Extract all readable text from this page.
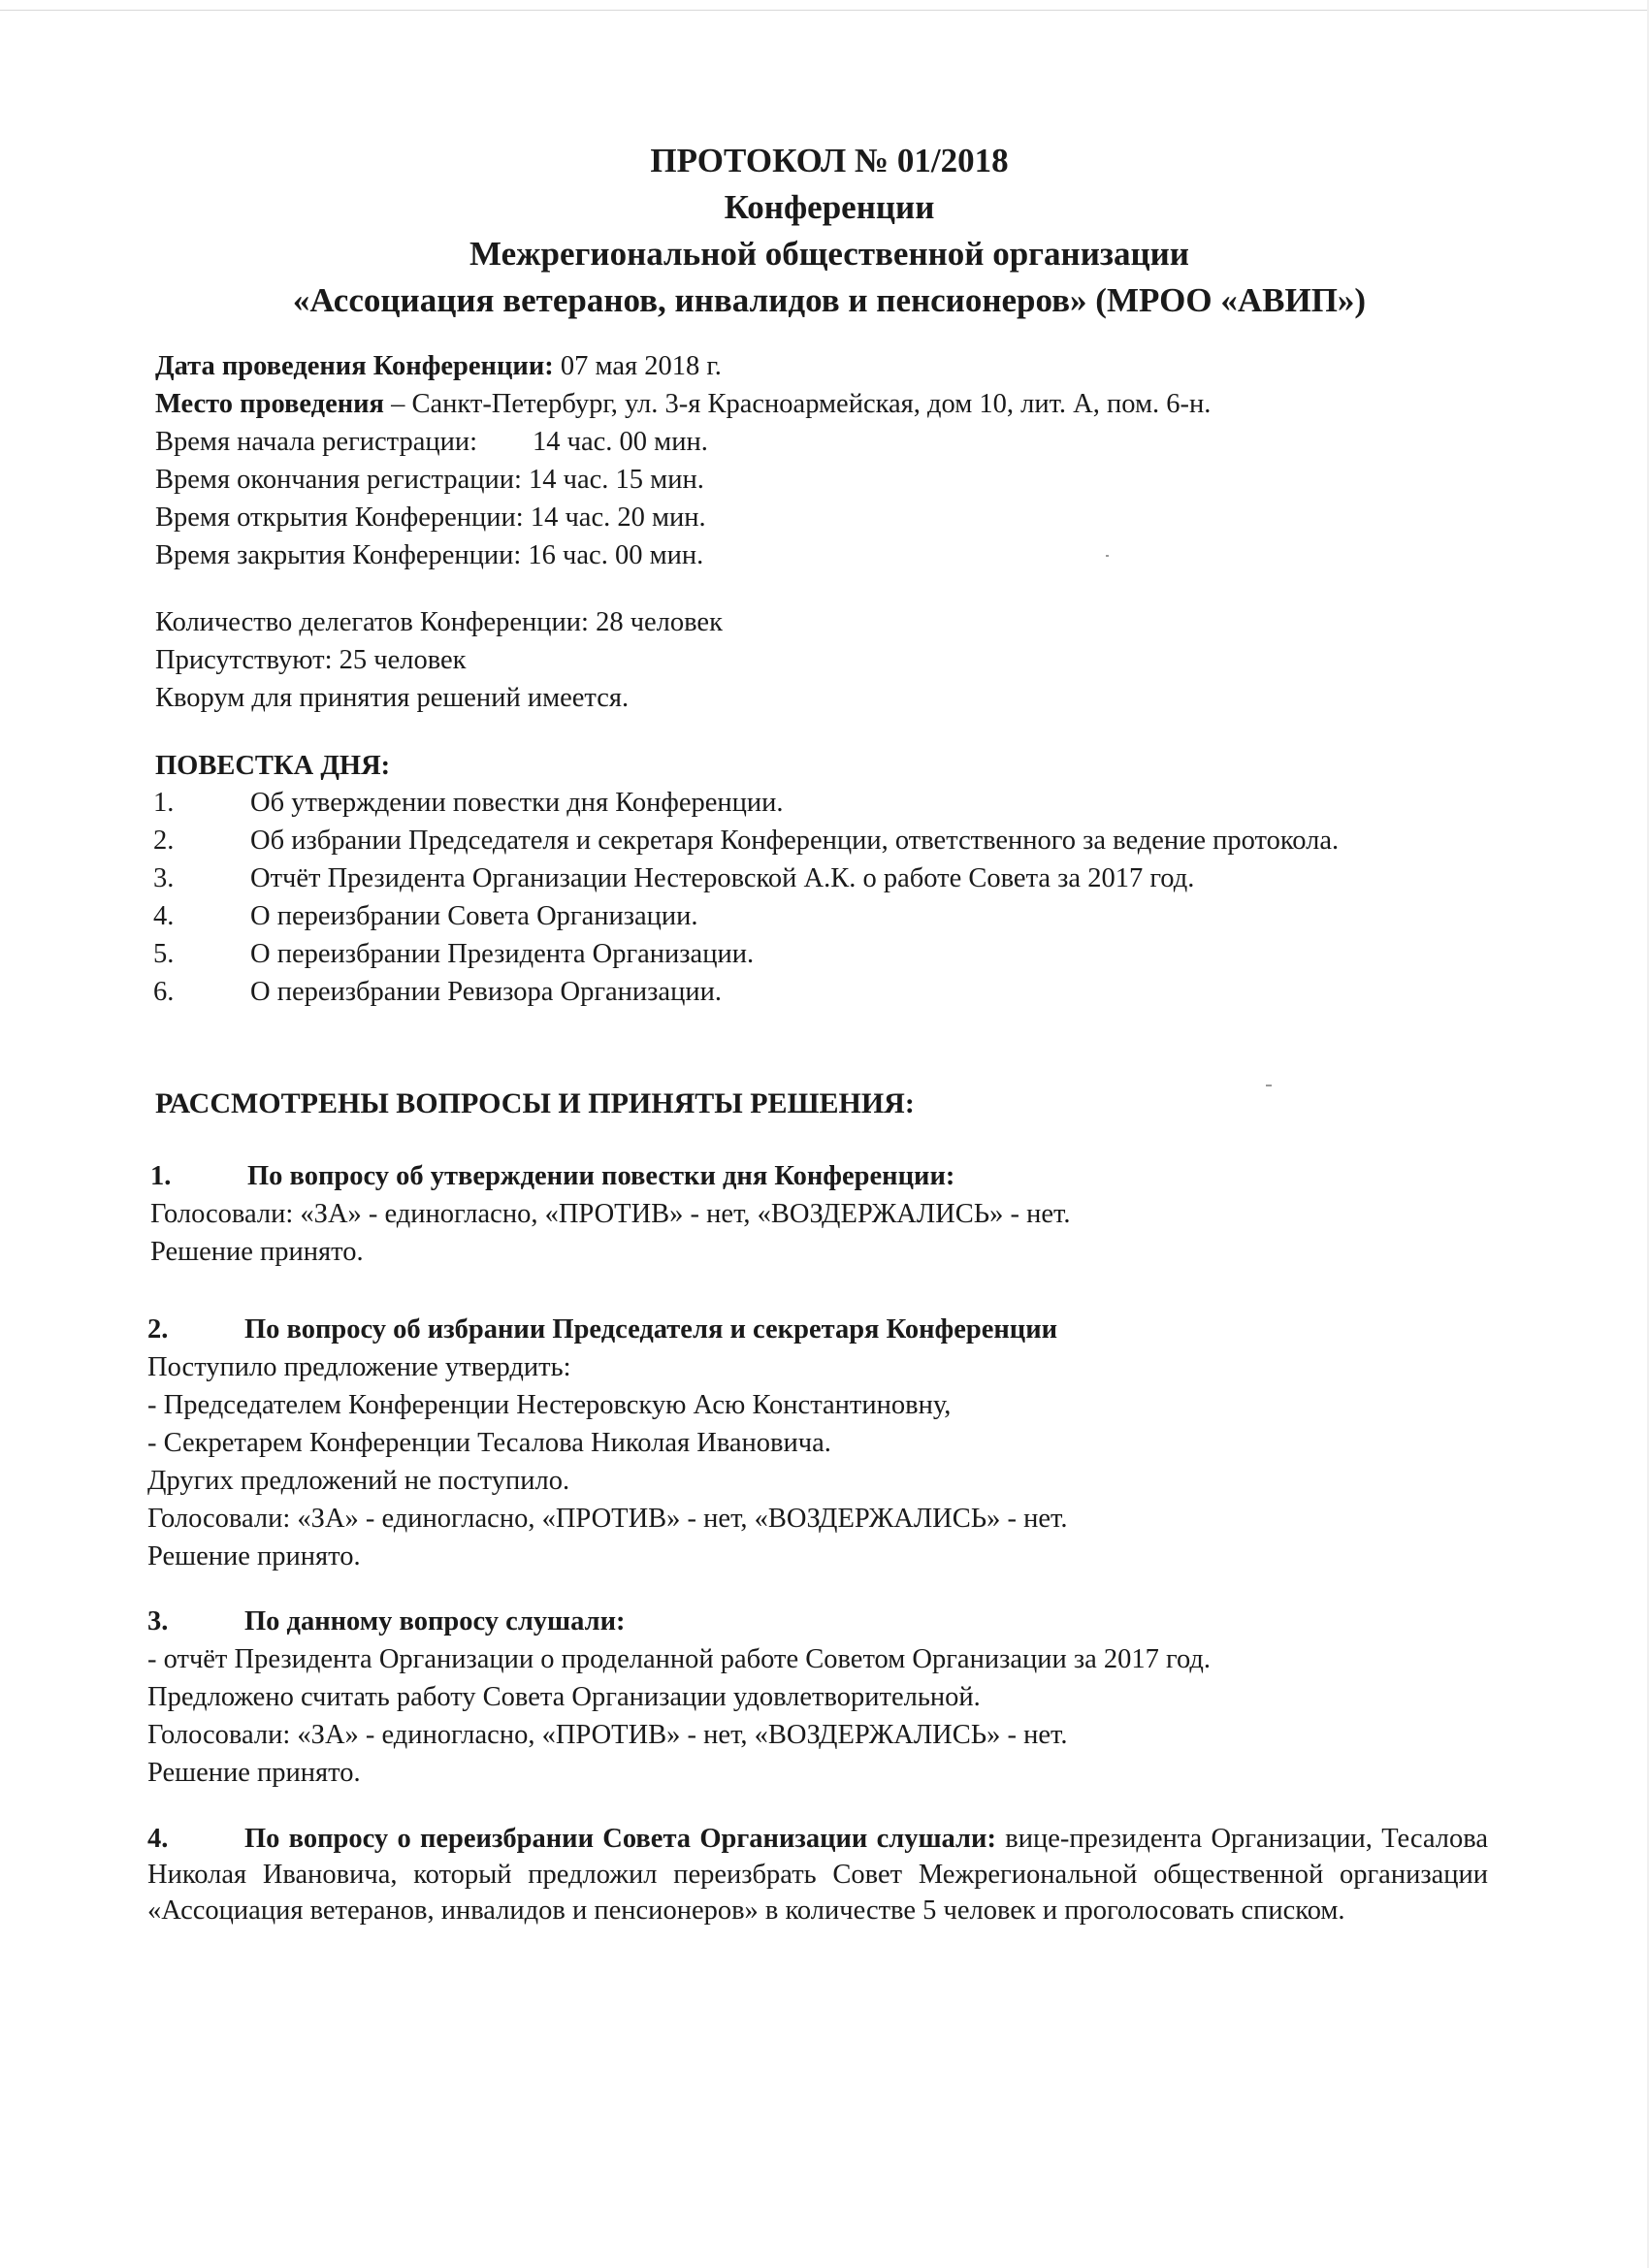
ПРОТОКОЛ № 01/2018
Конференции
Межрегиональной общественной организации
«Ассоциация ветеранов, инвалидов и пенсионеров» (МРОО «АВИП»)
Дата проведения Конференции: 07 мая 2018 г.
Место проведения – Санкт-Петербург, ул. 3-я Красноармейская, дом 10, лит. А, пом. 6-н.
Время начала регистрации:        14 час. 00 мин.
Время окончания регистрации: 14 час. 15 мин.
Время открытия Конференции: 14 час. 20 мин.
Время закрытия Конференции: 16 час. 00 мин.
Количество делегатов Конференции: 28 человек
Присутствуют: 25 человек
Кворум для принятия решений имеется.
ПОВЕСТКА ДНЯ:
1.	Об утверждении повестки дня Конференции.
2.	Об избрании Председателя и секретаря Конференции, ответственного за ведение протокола.
3.	Отчёт Президента Организации Нестеровской А.К. о работе Совета за 2017 год.
4.	О переизбрании Совета Организации.
5.	О переизбрании Президента Организации.
6.	О переизбрании Ревизора Организации.
РАССМОТРЕНЫ ВОПРОСЫ И ПРИНЯТЫ РЕШЕНИЯ:
1.	По вопросу об утверждении повестки дня Конференции:
Голосовали: «ЗА» - единогласно, «ПРОТИВ» - нет, «ВОЗДЕРЖАЛИСЬ» - нет.
Решение принято.
2.	По вопросу об избрании Председателя и секретаря Конференции
Поступило предложение утвердить:
- Председателем Конференции Нестеровскую Асю Константиновну,
- Секретарем Конференции Тесалова Николая Ивановича.
Других предложений не поступило.
Голосовали: «ЗА» - единогласно, «ПРОТИВ» - нет, «ВОЗДЕРЖАЛИСЬ» - нет.
Решение принято.
3.	По данному вопросу слушали:
- отчёт Президента Организации о проделанной работе Советом Организации за 2017 год.
Предложено считать работу Совета Организации удовлетворительной.
Голосовали: «ЗА» - единогласно, «ПРОТИВ» - нет, «ВОЗДЕРЖАЛИСЬ» - нет.
Решение принято.
4.	По вопросу о переизбрании Совета Организации слушали: вице-президента Организации, Тесалова Николая Ивановича, который предложил переизбрать Совет Межрегиональной общественной организации «Ассоциация ветеранов, инвалидов и пенсионеров» в количестве 5 человек и проголосовать списком.
